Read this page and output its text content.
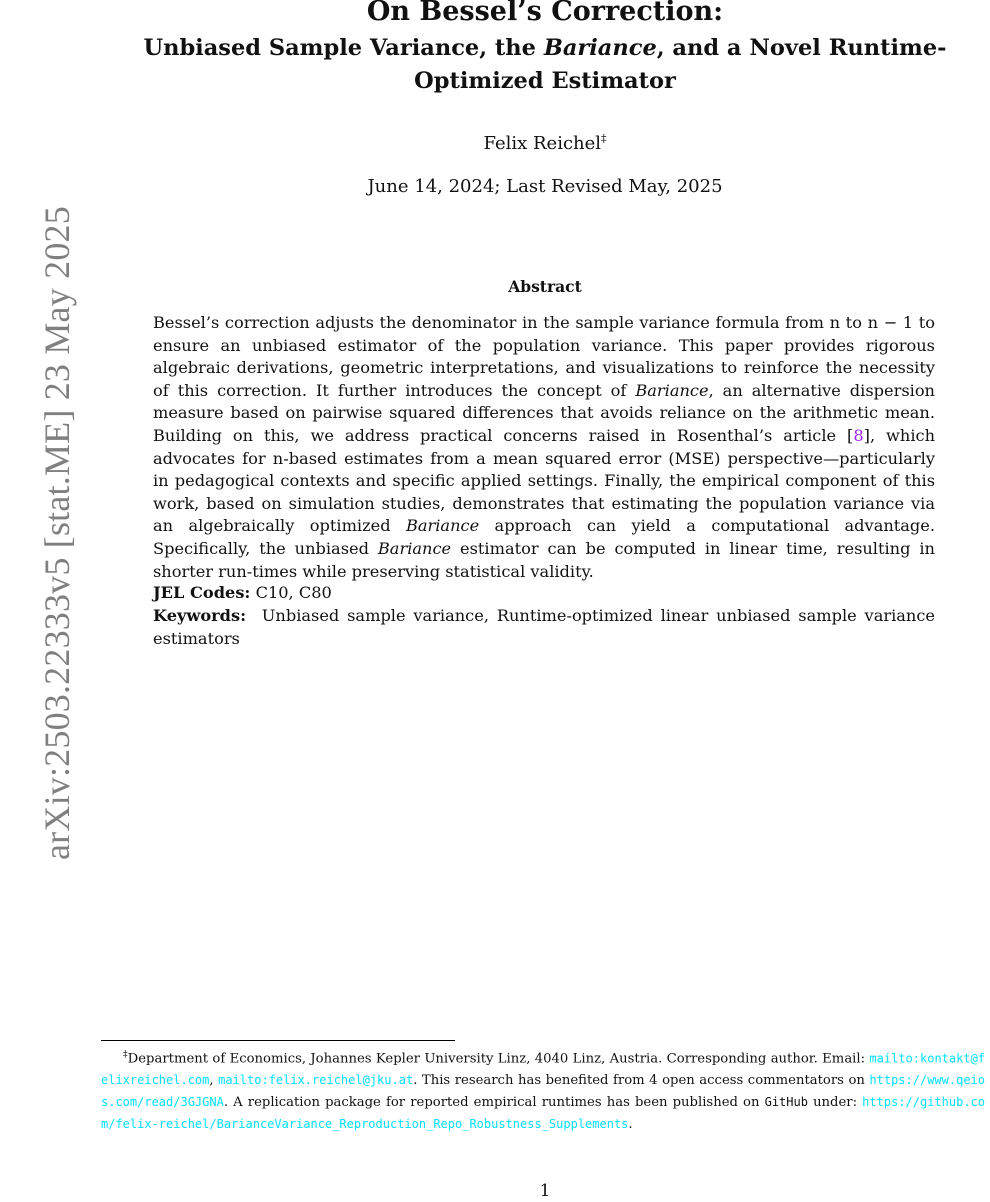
arXiv:2503.22333v5 [stat.ME] 23 May 2025
On Bessel’s Correction:
Unbiased Sample Variance, the Bariance, and a Novel Runtime-Optimized Estimator
Felix Reichel‡
June 14, 2024; Last Revised May, 2025
Abstract

Bessel’s correction adjusts the denominator in the sample variance formula from n to n − 1 to ensure an unbiased estimator of the population variance. This paper provides rigorous algebraic derivations, geometric interpretations, and visualizations to reinforce the necessity of this correction. It further introduces the concept of Bariance, an alternative dispersion measure based on pairwise squared differences that avoids reliance on the arithmetic mean. Building on this, we address practical concerns raised in Rosenthal’s article [8], which advocates for n-based estimates from a mean squared error (MSE) perspective—particularly in pedagogical contexts and specific applied settings. Finally, the empirical component of this work, based on simulation studies, demonstrates that estimating the population variance via an algebraically optimized Bariance approach can yield a computational advantage. Specifically, the unbiased Bariance estimator can be computed in linear time, resulting in shorter run-times while preserving statistical validity.

JEL Codes: C10, C80

Keywords: Unbiased sample variance, Runtime-optimized linear unbiased sample variance estimators

‡Department of Economics, Johannes Kepler University Linz, 4040 Linz, Austria. Corresponding author. Email: mailto:kontakt@felixreichel.com, mailto:felix.reichel@jku.at. This research has benefited from 4 open access commentators on https://www.qeios.com/read/3GJGNA. A replication package for reported empirical runtimes has been published on GitHub under: https://github.com/felix-reichel/BarianceVariance_Reproduction_Repo_Robustness_Supplements.

1
